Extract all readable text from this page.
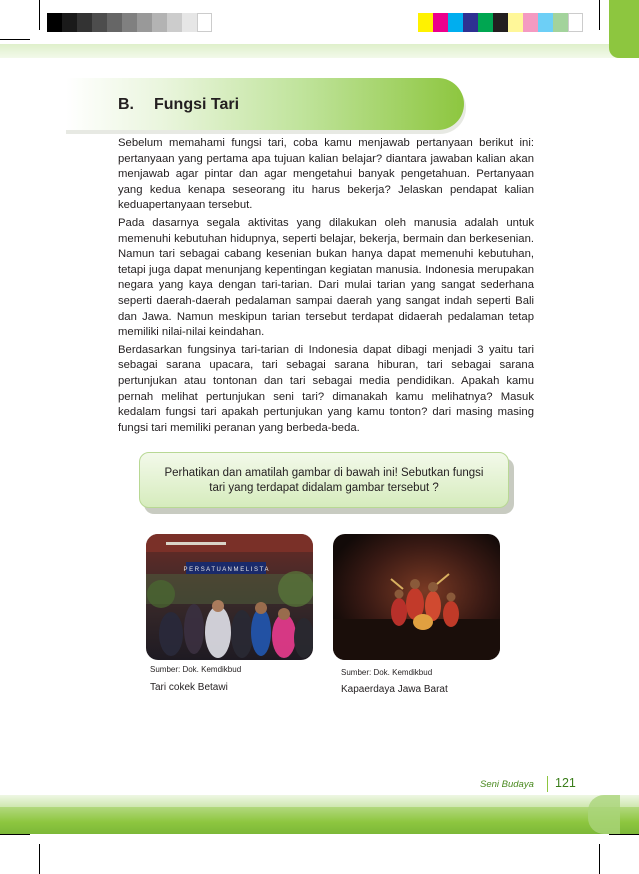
B. Fungsi Tari

Sebelum memahami fungsi tari, coba kamu menjawab pertanyaan berikut ini: pertanyaan yang pertama apa tujuan kalian belajar? diantara jawaban kalian akan menjawab agar pintar dan agar mengetahui banyak pengetahuan. Pertanyaan yang kedua kenapa seseorang itu harus bekerja? Jelaskan pendapat kalian keduapertanyaan tersebut.

Pada dasarnya segala aktivitas yang dilakukan oleh manusia adalah untuk memenuhi kebutuhan hidupnya, seperti belajar, bekerja, bermain dan berkesenian. Namun tari sebagai cabang kesenian bukan hanya dapat memenuhi kebutuhan, tetapi juga dapat menunjang kepentingan kegiatan manusia. Indonesia merupakan negara yang kaya dengan tari-tarian. Dari mulai tarian yang sangat sederhana seperti daerah-daerah pedalaman sampai daerah yang sangat indah seperti Bali dan Jawa. Namun meskipun tarian tersebut terdapat didaerah pedalaman tetap memiliki nilai-nilai keindahan.

Berdasarkan fungsinya tari-tarian di Indonesia dapat dibagi menjadi 3 yaitu tari sebagai sarana upacara, tari sebagai sarana hiburan, tari sebagai sarana pertunjukan atau tontonan dan tari sebagai media pendidikan. Apakah kamu pernah melihat pertunjukan seni tari? dimanakah kamu melihatnya? Masuk kedalam fungsi tari apakah pertunjukan yang kamu tonton? dari masing masing fungsi tari memiliki peranan yang berbeda-beda.

Perhatikan dan amatilah gambar di bawah ini! Sebutkan fungsi
tari yang terdapat didalam gambar tersebut ?
P E R S A T U A N M E L I S T A
Sumber: Dok. Kemdikbud
Tari cokek Betawi
Sumber: Dok. Kemdikbud
Kapaerdaya Jawa Barat
Seni Budaya 121
